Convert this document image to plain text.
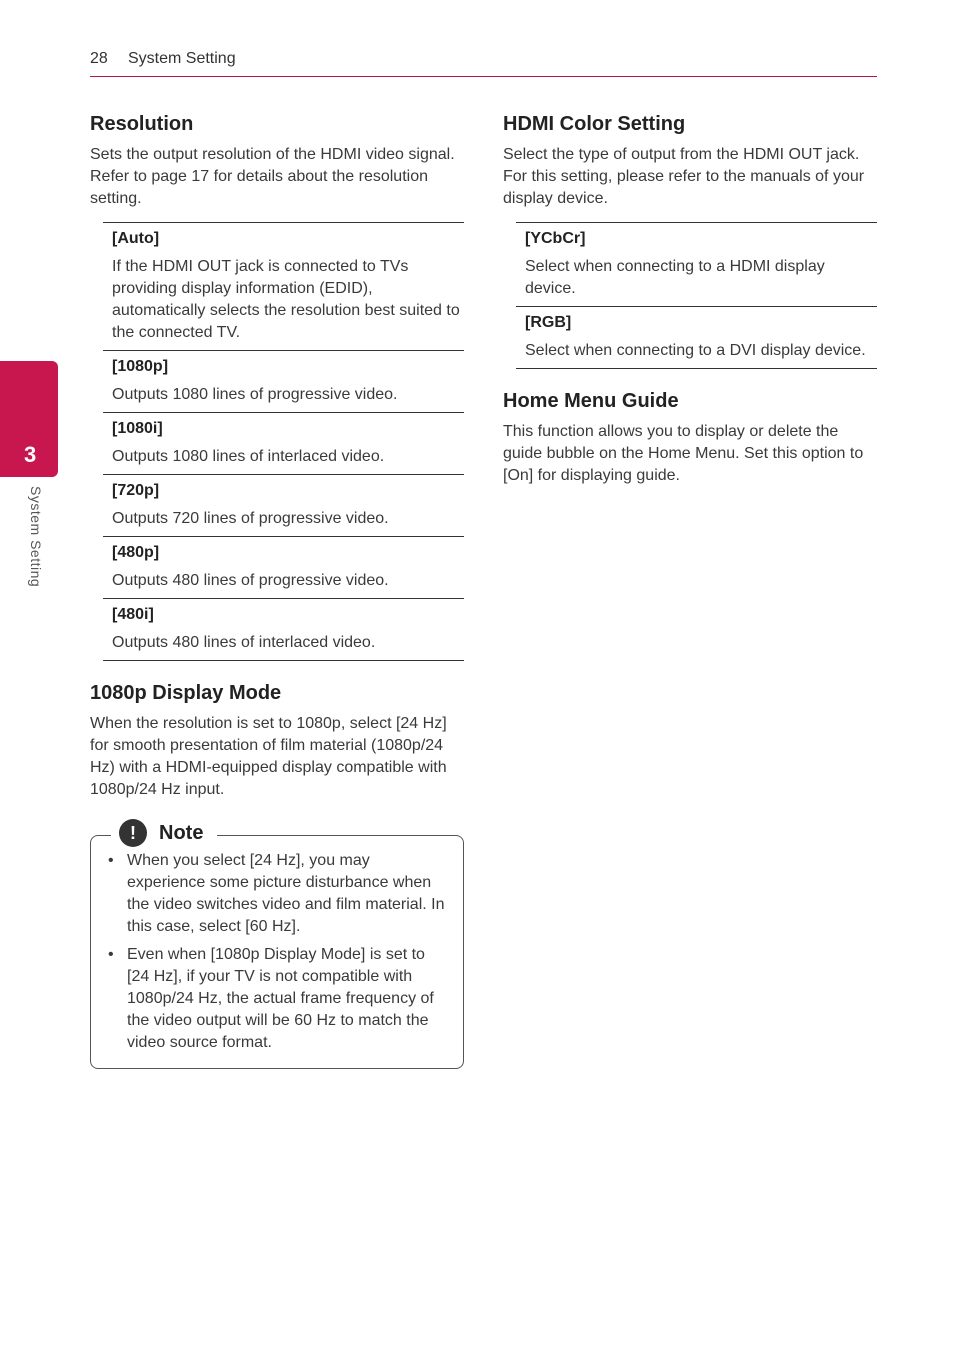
28 System Setting
3
System Setting
Resolution

Sets the output resolution of the HDMI video signal. Refer to page 17 for details about the resolution setting.

[Auto]
If the HDMI OUT jack is connected to TVs providing display information (EDID), automatically selects the resolution best suited to the connected TV.
[1080p]
Outputs 1080 lines of progressive video.
[1080i]
Outputs 1080 lines of interlaced video.
[720p]
Outputs 720 lines of progressive video.
[480p]
Outputs 480 lines of progressive video.
[480i]
Outputs 480 lines of interlaced video.
1080p Display Mode

When the resolution is set to 1080p, select [24 Hz] for smooth presentation of film material (1080p/24 Hz) with a HDMI-equipped display compatible with 1080p/24 Hz input.

!	Note
• When you select [24 Hz], you may experience some picture disturbance when the video switches video and film material. In this case, select [60 Hz].
• Even when [1080p Display Mode] is set to [24 Hz], if your TV is not compatible with 1080p/24 Hz, the actual frame frequency of the video output will be 60 Hz to match the video source format.
HDMI Color Setting

Select the type of output from the HDMI OUT jack. For this setting, please refer to the manuals of your display device.

[YCbCr]
Select when connecting to a HDMI display device.
[RGB]
Select when connecting to a DVI display device.
Home Menu Guide

This function allows you to display or delete the guide bubble on the Home Menu. Set this option to [On] for displaying guide.
